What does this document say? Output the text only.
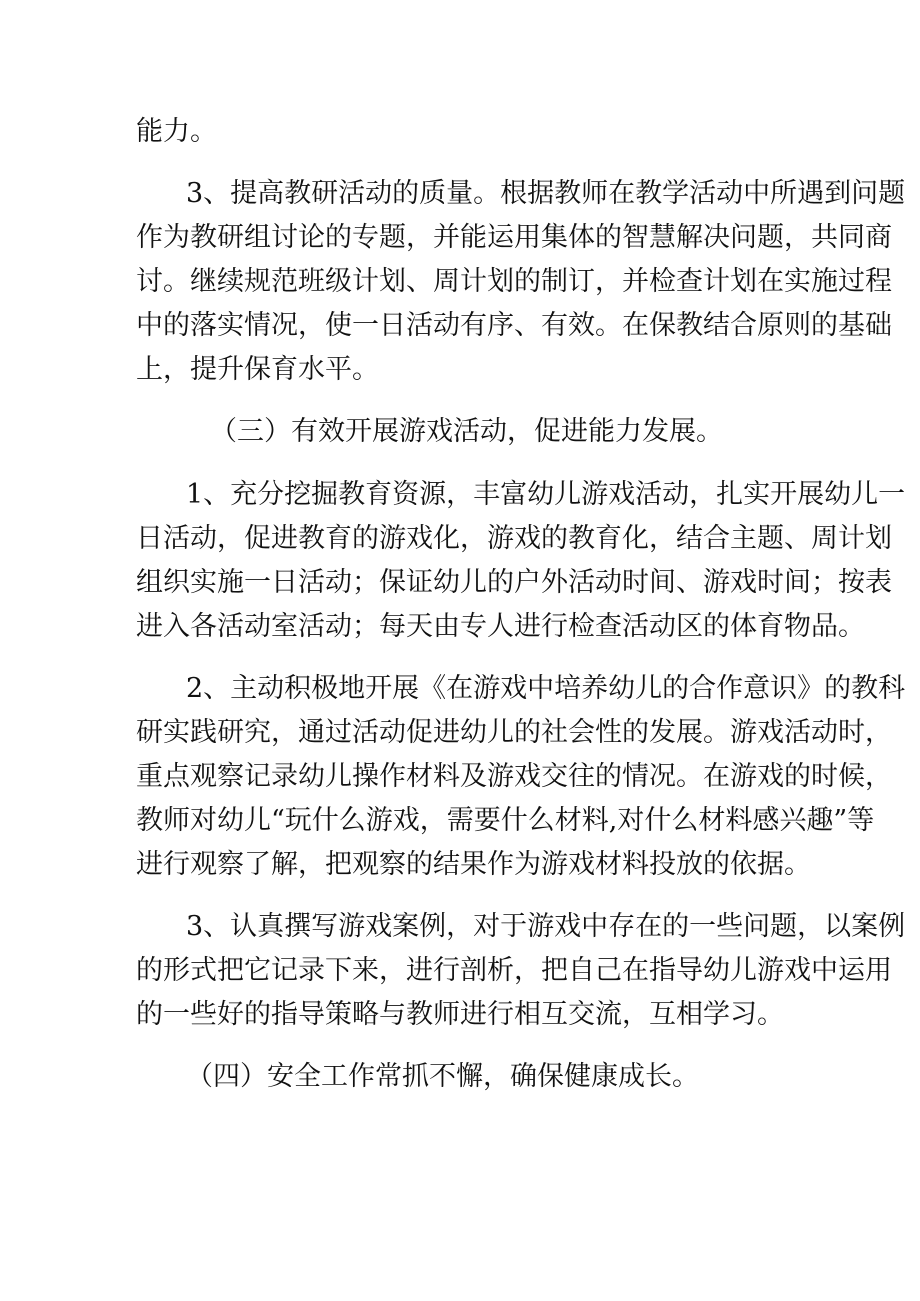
能力。
3、提高教研活动的质量。根据教师在教学活动中所遇到问题
作为教研组讨论的专题，并能运用集体的智慧解决问题，共同商
讨。继续规范班级计划、周计划的制订，并检查计划在实施过程
中的落实情况，使一日活动有序、有效。在保教结合原则的基础
上，提升保育水平。
（三）有效开展游戏活动，促进能力发展。
1、充分挖掘教育资源，丰富幼儿游戏活动，扎实开展幼儿一
日活动，促进教育的游戏化，游戏的教育化，结合主题、周计划
组织实施一日活动；保证幼儿的户外活动时间、游戏时间；按表
进入各活动室活动；每天由专人进行检查活动区的体育物品。
2、主动积极地开展《在游戏中培养幼儿的合作意识》的教科
研实践研究，通过活动促进幼儿的社会性的发展。游戏活动时，
重点观察记录幼儿操作材料及游戏交往的情况。在游戏的时候，
教师对幼儿“玩什么游戏，需要什么材料,对什么材料感兴趣”等
进行观察了解，把观察的结果作为游戏材料投放的依据。
3、认真撰写游戏案例，对于游戏中存在的一些问题，以案例
的形式把它记录下来，进行剖析，把自己在指导幼儿游戏中运用
的一些好的指导策略与教师进行相互交流，互相学习。
（四）安全工作常抓不懈，确保健康成长。
